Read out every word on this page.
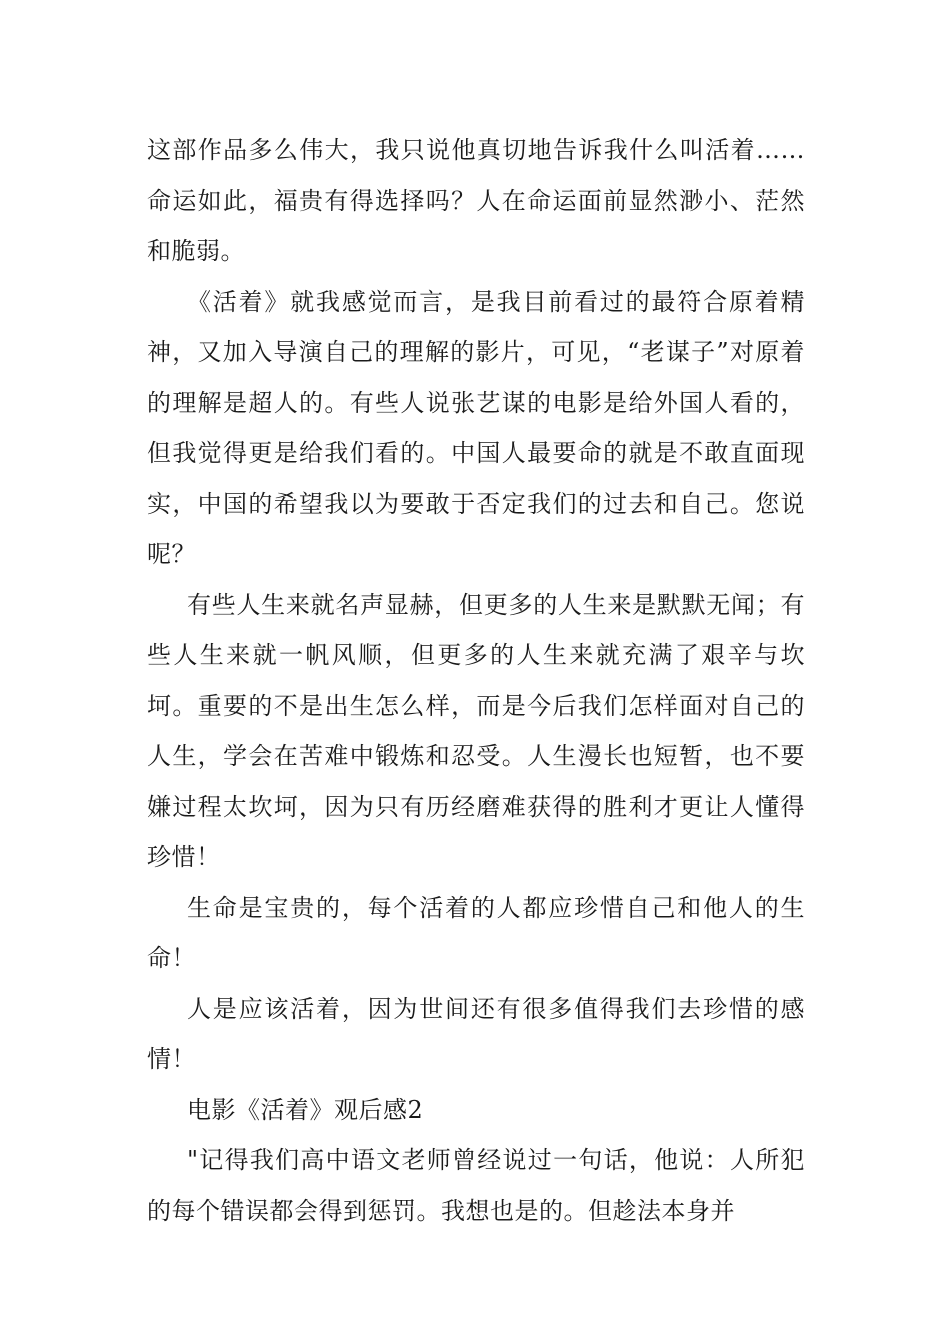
这部作品多么伟大，我只说他真切地告诉我什么叫活着……命运如此，福贵有得选择吗？人在命运面前显然渺小、茫然和脆弱。

《活着》就我感觉而言，是我目前看过的最符合原着精神，又加入导演自己的理解的影片，可见，“老谋子”对原着的理解是超人的。有些人说张艺谋的电影是给外国人看的，但我觉得更是给我们看的。中国人最要命的就是不敢直面现实，中国的希望我以为要敢于否定我们的过去和自己。您说呢？

有些人生来就名声显赫，但更多的人生来是默默无闻；有些人生来就一帆风顺，但更多的人生来就充满了艰辛与坎坷。重要的不是出生怎么样，而是今后我们怎样面对自己的人生，学会在苦难中锻炼和忍受。人生漫长也短暂，也不要嫌过程太坎坷，因为只有历经磨难获得的胜利才更让人懂得珍惜！

生命是宝贵的，每个活着的人都应珍惜自己和他人的生命！

人是应该活着，因为世间还有很多值得我们去珍惜的感情！

电影《活着》观后感2

"记得我们高中语文老师曾经说过一句话，他说：人所犯的每个错误都会得到惩罚。我想也是的。但趁法本身并
